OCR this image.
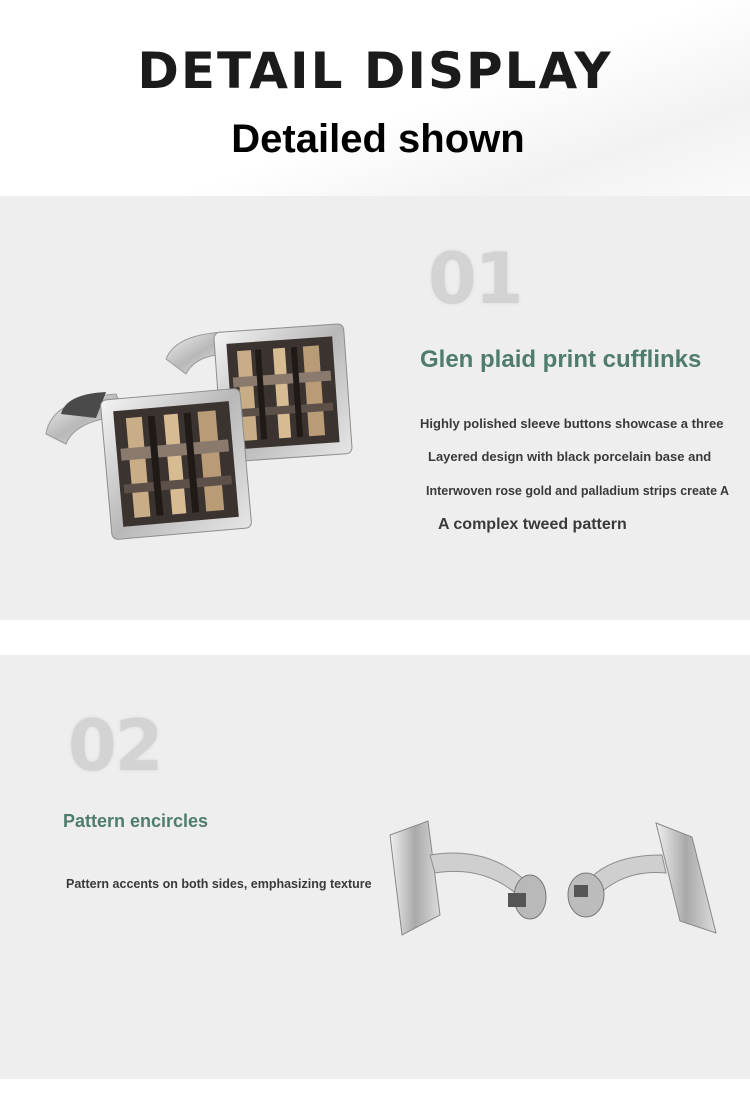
DETAIL DISPLAY
Detailed shown
01
Glen plaid print cufflinks
Highly polished sleeve buttons showcase a three
Layered design with black porcelain base and
Interwoven rose gold and palladium strips create A
A complex tweed pattern
02
Pattern encircles
Pattern accents on both sides, emphasizing texture
